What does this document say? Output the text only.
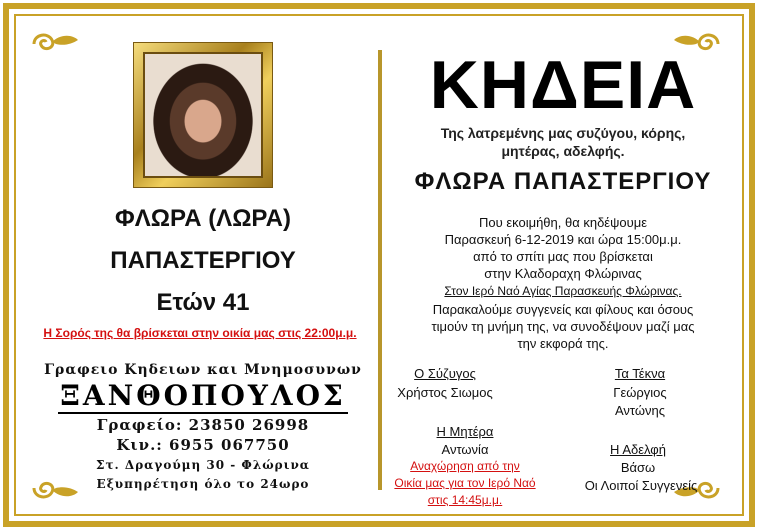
ΦΛΩΡΑ (ΛΩΡΑ)
ΠΑΠΑΣΤΕΡΓΙΟΥ
Ετών 41
Η Σορός της θα βρίσκεται στην οικία μας στις 22:00μ.μ.
Γραφειο Κηδειων και Μνημοσυνων
ΞΑΝΘΟΠΟΥΛΟΣ
Γραφείο: 23850 26998
Κιν.: 6955 067750
Στ. Δραγούμη 30 - Φλώρινα
Εξυπηρέτηση όλο το 24ωρο
ΚΗΔΕΙΑ
Της λατρεμένης μας συζύγου, κόρης,
μητέρας, αδελφής.
ΦΛΩΡΑ ΠΑΠΑΣΤΕΡΓΙΟΥ
Που εκοιμήθη, θα κηδέψουμε
Παρασκευή 6-12-2019 και ώρα 15:00μ.μ.
από το σπίτι μας που βρίσκεται
στην Κλαδοραχη Φλώρινας
Στον Ιερό Ναό Αγίας Παρασκευής Φλώρινας.
Παρακαλούμε συγγενείς και φίλους και όσους
τιμούν τη μνήμη της, να συνοδέψουν μαζί μας
την εκφορά της.
Ο Σύζυγος
Χρήστος Σιωμος
Τα Τέκνα
Γεώργιος
Αντώνης
Η Μητέρα
Αντωνία
Αναχώρηση από την
Οικία μας για τον Ιερό Ναό
στις 14:45μ.μ.
Η Αδελφή
Βάσω
Οι Λοιποί Συγγενείς
